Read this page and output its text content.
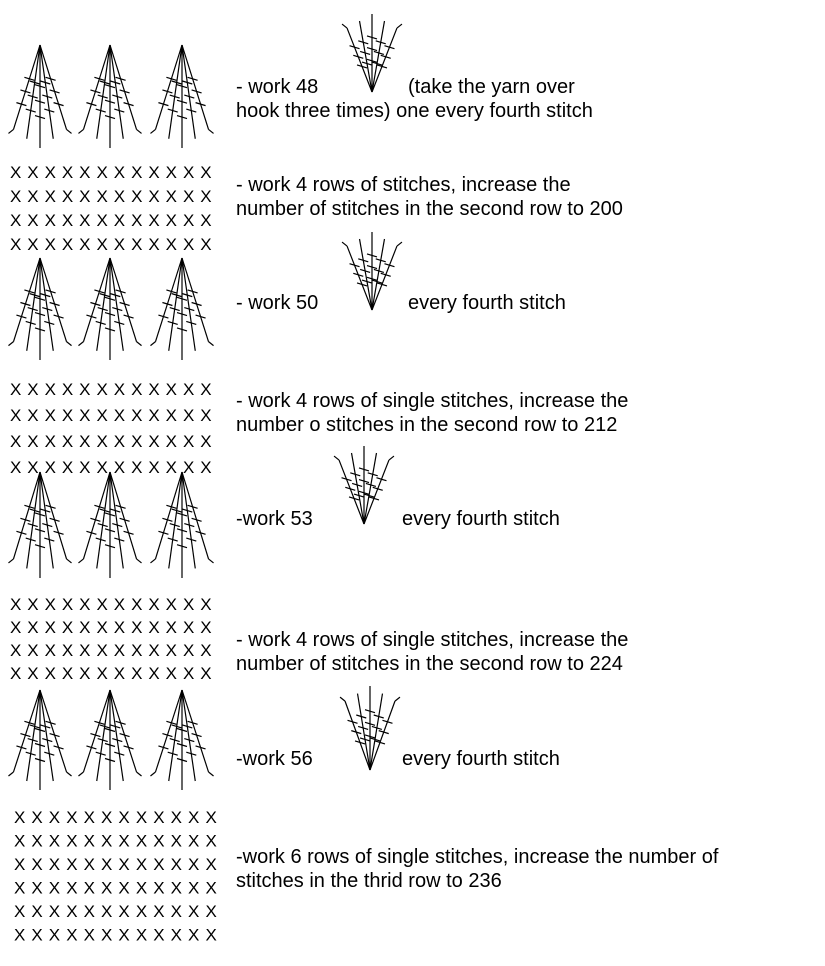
XXXXXXXXXXXX
XXXXXXXXXXXX
XXXXXXXXXXXX
XXXXXXXXXXXX
XXXXXXXXXXXX
XXXXXXXXXXXX
XXXXXXXXXXXX
XXXXXXXXXXXX
XXXXXXXXXXXX
XXXXXXXXXXXX
XXXXXXXXXXXX
XXXXXXXXXXXX
XXXXXXXXXXXX
XXXXXXXXXXXX
XXXXXXXXXXXX
XXXXXXXXXXXX
XXXXXXXXXXXX
XXXXXXXXXXXX
- work 48	(take the yarn over
hook three times) one every fourth stitch
- work 4 rows of stitches, increase the
number of stitches in the second row to 200
- work 50	every fourth stitch
- work 4 rows of single stitches, increase the
number o stitches in the second row to 212
-work 53	every fourth stitch
- work 4 rows of single stitches, increase the
number of stitches in the second row to 224
-work 56	every fourth stitch
-work 6 rows of single stitches, increase the number of
stitches in the thrid row to 236
